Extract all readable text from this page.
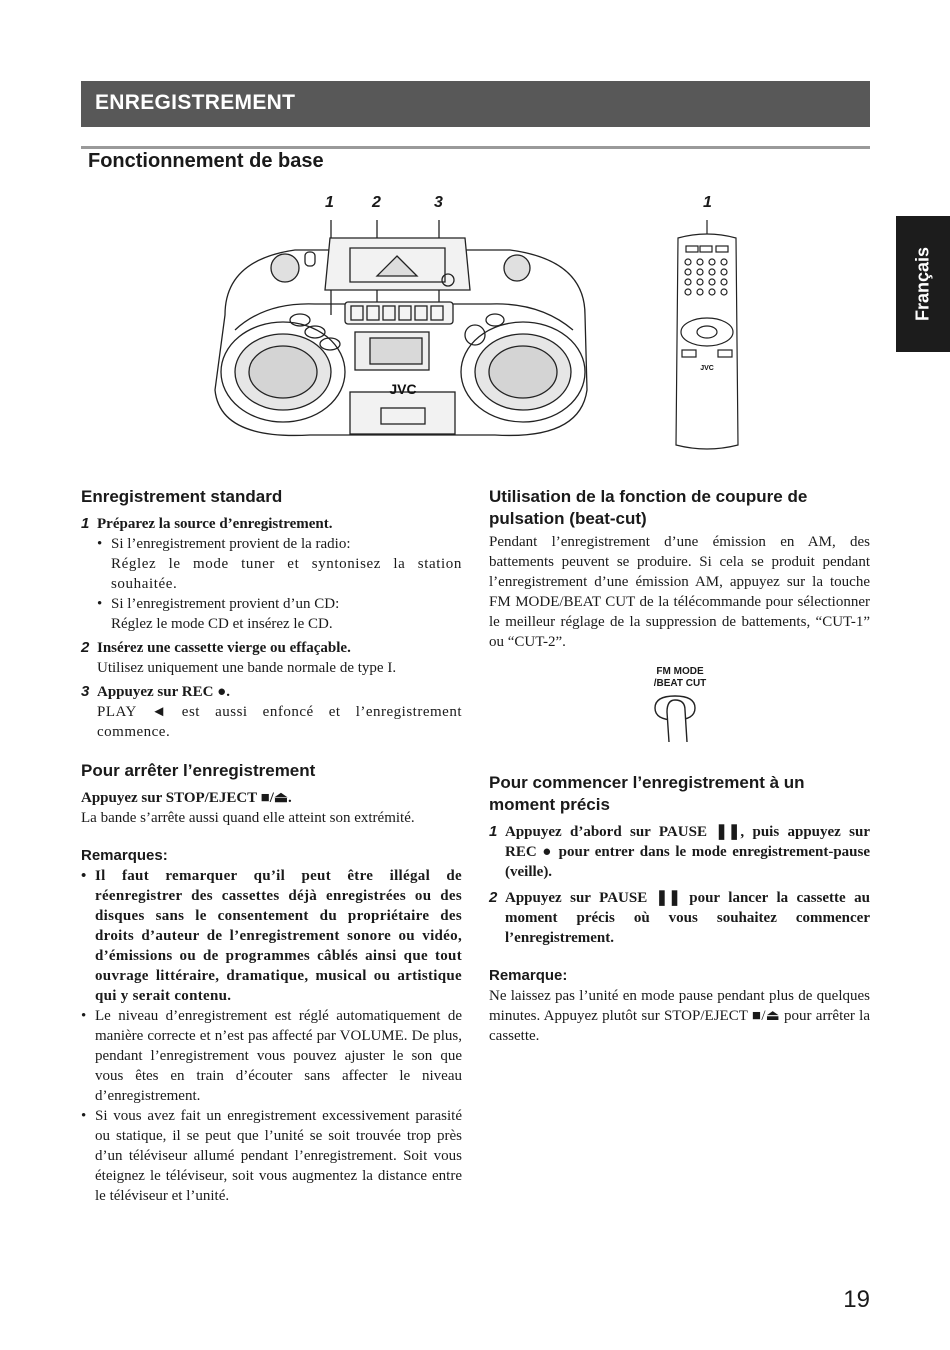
ENREGISTREMENT
Fonctionnement de base
Français
1 2	3	1
JVC
JVC
Enregistrement standard
1 Préparez la source d’enregistrement.

• Si l’enregistrement provient de la radio:

Réglez le mode tuner et syntonisez la station souhaitée.

• Si l’enregistrement provient d’un CD:

Réglez le mode CD et insérez le CD.

2 Insérez une cassette vierge ou effaçable.

Utilisez uniquement une bande normale de type I.

3 Appuyez sur REC ●.

PLAY ◄ est aussi enfoncé et l’enregistrement commence.

Pour arrêter l’enregistrement

Appuyez sur STOP/EJECT ■/⏏.

La bande s’arrête aussi quand elle atteint son extrémité.

Remarques:

• Il faut remarquer qu’il peut être illégal de réenregistrer des cassettes déjà enregistrées ou des disques sans le consentement du propriétaire des droits d’auteur de l’enregistrement sonore ou vidéo, d’émissions ou de programmes câblés ainsi que tout ouvrage littéraire, dramatique, musical ou artistique qui y serait contenu.

• Le niveau d’enregistrement est réglé automatiquement de manière correcte et n’est pas affecté par VOLUME. De plus, pendant l’enregistrement vous pouvez ajuster le son que vous êtes en train d’écouter sans affecter le niveau d’enregistrement.

• Si vous avez fait un enregistrement excessivement parasité ou statique, il se peut que l’unité se soit trouvée trop près d’un téléviseur allumé pendant l’enregistrement. Soit vous éteignez le téléviseur, soit vous augmentez la distance entre le téléviseur et l’unité.

Utilisation de la fonction de coupure de pulsation (beat-cut)

Pendant l’enregistrement d’une émission en AM, des battements peuvent se produire. Si cela se produit pendant l’enregistrement d’une émission AM, appuyez sur la touche FM MODE/BEAT CUT de la télécommande pour sélectionner le meilleur réglage de la suppression de battements, “CUT-1” ou “CUT-2”.

FM MODE
/BEAT CUT
Pour commencer l’enregistrement à un moment précis
1 Appuyez d’abord sur PAUSE ❚❚, puis appuyez sur REC ● pour entrer dans le mode enregistrement-pause (veille).

2 Appuyez sur PAUSE ❚❚ pour lancer la cassette au moment précis où vous souhaitez commencer l’enregistrement.

Remarque:

Ne laissez pas l’unité en mode pause pendant plus de quelques minutes. Appuyez plutôt sur STOP/EJECT ■/⏏ pour arrêter la cassette.

19
